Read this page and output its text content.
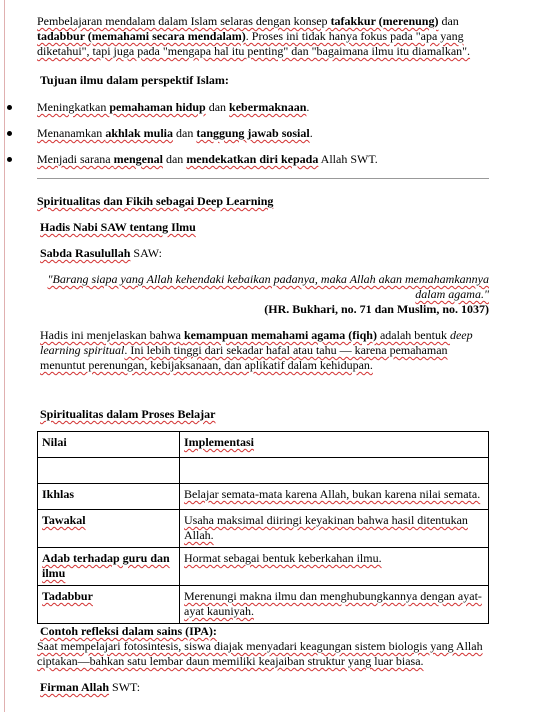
Pembelajaran mendalam dalam Islam selaras dengan konsep tafakkur (merenung) dan tadabbur (memahami secara mendalam). Proses ini tidak hanya fokus pada "apa yang diketahui", tapi juga pada "mengapa hal itu penting" dan "bagaimana ilmu itu diamalkan".

Tujuan ilmu dalam perspektif Islam:

Meningkatkan pemahaman hidup dan kebermaknaan.
Menanamkan akhlak mulia dan tanggung jawab sosial.
Menjadi sarana mengenal dan mendekatkan diri kepada Allah SWT.

Spiritualitas dan Fikih sebagai Deep Learning

Hadis Nabi SAW tentang Ilmu

Sabda Rasulullah SAW:

"Barang siapa yang Allah kehendaki kebaikan padanya, maka Allah akan memahamkannya dalam agama."

(HR. Bukhari, no. 71 dan Muslim, no. 1037)

Hadis ini menjelaskan bahwa kemampuan memahami agama (fiqh) adalah bentuk deep learning spiritual. Ini lebih tinggi dari sekadar hafal atau tahu — karena pemahaman menuntut perenungan, kebijaksanaan, dan aplikatif dalam kehidupan.

Spiritualitas dalam Proses Belajar

Nilai	Implementasi

Ikhlas	Belajar semata-mata karena Allah, bukan karena nilai semata.
Tawakal	Usaha maksimal diiringi keyakinan bahwa hasil ditentukan Allah.
Adab terhadap guru dan ilmu	Hormat sebagai bentuk keberkahan ilmu.
Tadabbur	Merenungi makna ilmu dan menghubungkannya dengan ayat-ayat kauniyah.

Contoh refleksi dalam sains (IPA):

Saat mempelajari fotosintesis, siswa diajak menyadari keagungan sistem biologis yang Allah ciptakan—bahkan satu lembar daun memiliki keajaiban struktur yang luar biasa.

Firman Allah SWT:
